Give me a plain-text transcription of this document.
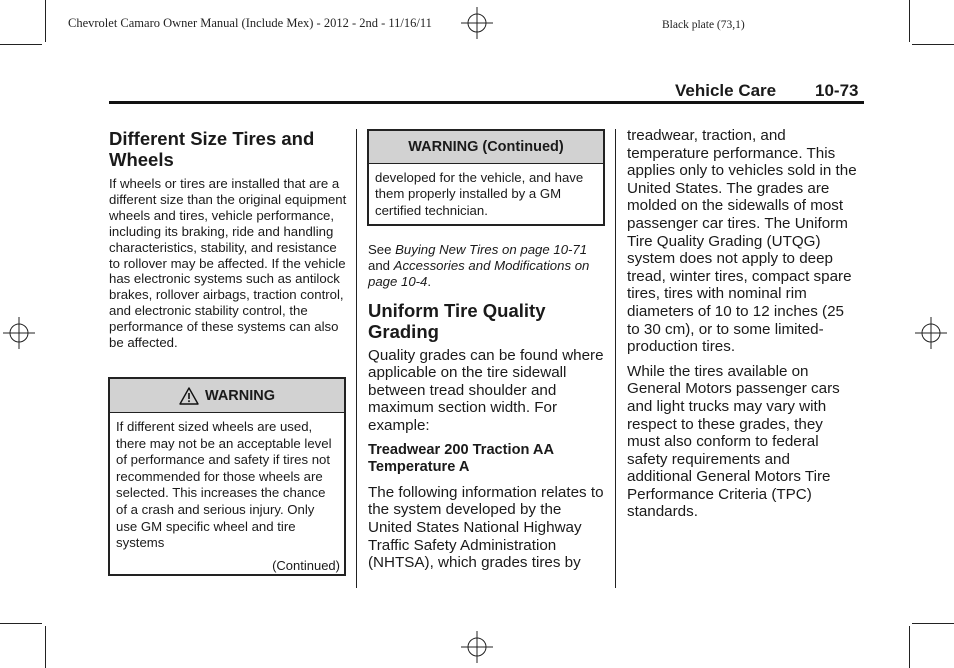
Chevrolet Camaro Owner Manual (Include Mex) - 2012 - 2nd - 11/16/11	Black plate (73,1)
Vehicle Care 10-73
Different Size Tires and Wheels

If wheels or tires are installed that are a different size than the original equipment wheels and tires, vehicle performance, including its braking, ride and handling characteristics, stability, and resistance to rollover may be affected. If the vehicle has electronic systems such as antilock brakes, rollover airbags, traction control, and electronic stability control, the performance of these systems can also be affected.

WARNING
If different sized wheels are used, there may not be an acceptable level of performance and safety if tires not recommended for those wheels are selected. This increases the chance of a crash and serious injury. Only use GM specific wheel and tire systems
(Continued)
WARNING (Continued)
developed for the vehicle, and have them properly installed by a GM certified technician.

See Buying New Tires on page 10-71 and Accessories and Modifications on page 10-4.

Uniform Tire Quality Grading

Quality grades can be found where applicable on the tire sidewall between tread shoulder and maximum section width. For example:

Treadwear 200 Traction AA Temperature A

The following information relates to the system developed by the United States National Highway Traffic Safety Administration (NHTSA), which grades tires by

treadwear, traction, and temperature performance. This applies only to vehicles sold in the United States. The grades are molded on the sidewalls of most passenger car tires. The Uniform Tire Quality Grading (UTQG) system does not apply to deep tread, winter tires, compact spare tires, tires with nominal rim diameters of 10 to 12 inches (25 to 30 cm), or to some limited-production tires.

While the tires available on General Motors passenger cars and light trucks may vary with respect to these grades, they must also conform to federal safety requirements and additional General Motors Tire Performance Criteria (TPC) standards.
